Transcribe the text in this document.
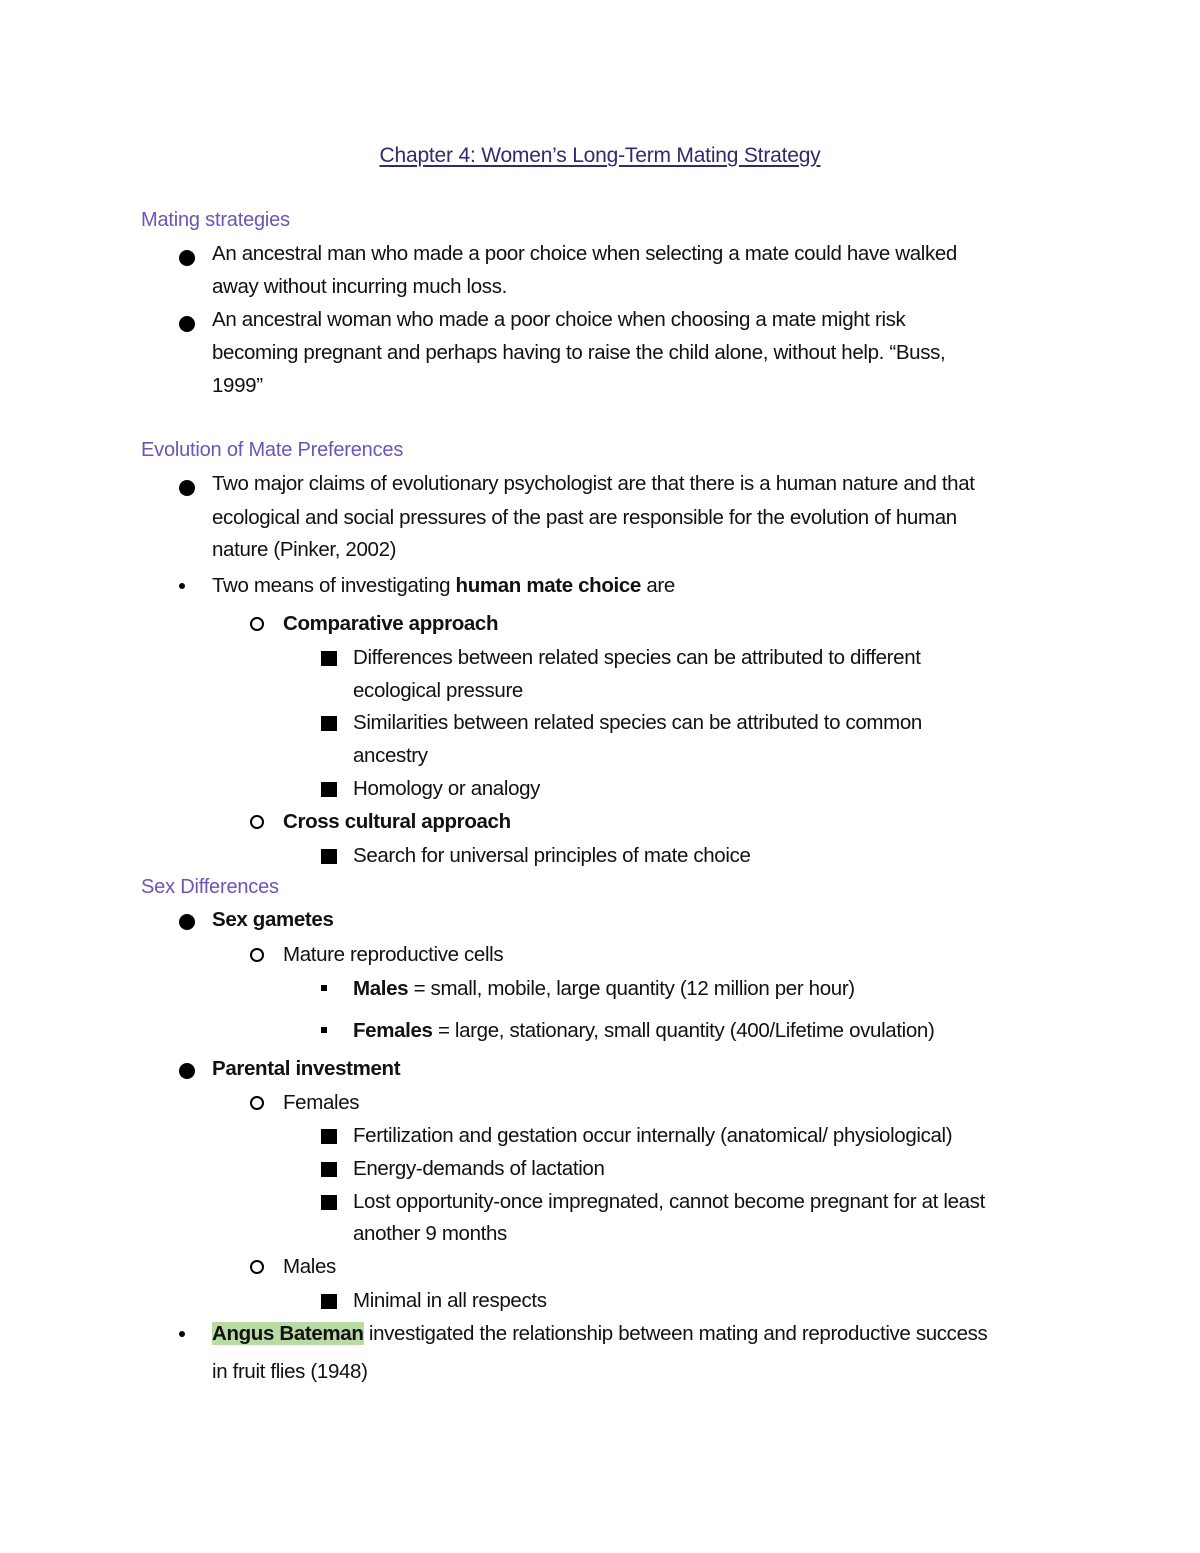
Chapter 4: Women’s Long-Term Mating Strategy
Mating strategies
An ancestral man who made a poor choice when selecting a mate could have walked
away without incurring much loss.
An ancestral woman who made a poor choice when choosing a mate might risk
becoming pregnant and perhaps having to raise the child alone, without help. “Buss,
1999”
Evolution of Mate Preferences
Two major claims of evolutionary psychologist are that there is a human nature and that
ecological and social pressures of the past are responsible for the evolution of human
nature (Pinker, 2002)
Two means of investigating human mate choice are
Comparative approach
Differences between related species can be attributed to different
ecological pressure
Similarities between related species can be attributed to common
ancestry
Homology or analogy
Cross cultural approach
Search for universal principles of mate choice
Sex Differences
Sex gametes
Mature reproductive cells
Males = small, mobile, large quantity (12 million per hour)
Females = large, stationary, small quantity (400/Lifetime ovulation)
Parental investment
Females
Fertilization and gestation occur internally (anatomical/ physiological)
Energy-demands of lactation
Lost opportunity-once impregnated, cannot become pregnant for at least
another 9 months
Males
Minimal in all respects
Angus Bateman investigated the relationship between mating and reproductive success
in fruit flies (1948)
